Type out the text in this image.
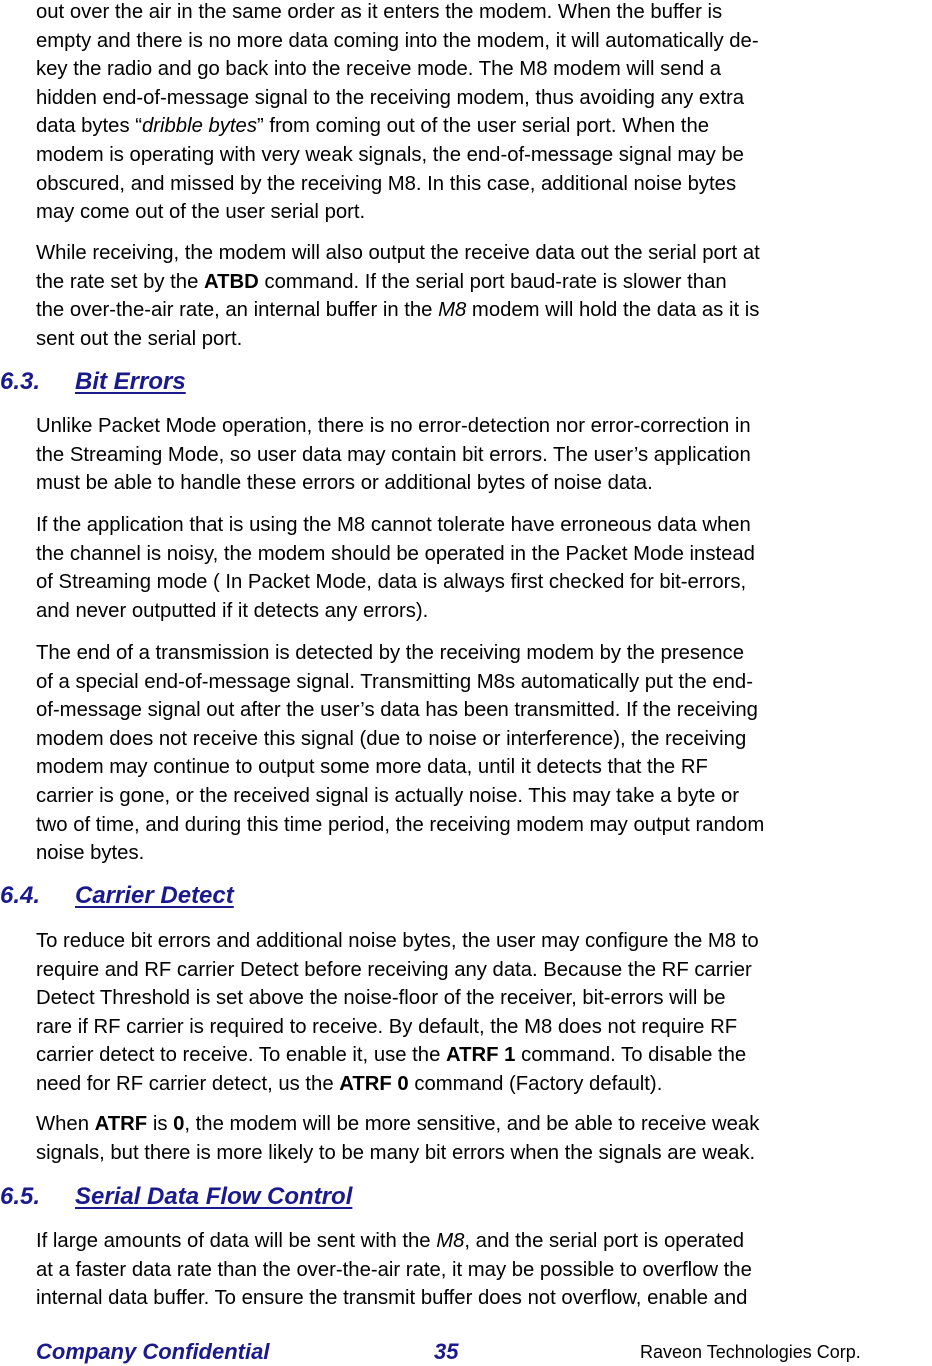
out over the air in the same order as it enters the modem. When the buffer is
empty and there is no more data coming into the modem, it will automatically de-
key the radio and go back into the receive mode. The M8 modem will send a
hidden end-of-message signal to the receiving modem, thus avoiding any extra
data bytes “dribble bytes” from coming out of the user serial port. When the
modem is operating with very weak signals, the end-of-message signal may be
obscured, and missed by the receiving M8. In this case, additional noise bytes
may come out of the user serial port.

While receiving, the modem will also output the receive data out the serial port at
the rate set by the ATBD command. If the serial port baud-rate is slower than
the over-the-air rate, an internal buffer in the M8 modem will hold the data as it is
sent out the serial port.

6.3. Bit Errors

Unlike Packet Mode operation, there is no error-detection nor error-correction in
the Streaming Mode, so user data may contain bit errors. The user’s application
must be able to handle these errors or additional bytes of noise data.

If the application that is using the M8 cannot tolerate have erroneous data when
the channel is noisy, the modem should be operated in the Packet Mode instead
of Streaming mode ( In Packet Mode, data is always first checked for bit-errors,
and never outputted if it detects any errors).

The end of a transmission is detected by the receiving modem by the presence
of a special end-of-message signal. Transmitting M8s automatically put the end-
of-message signal out after the user’s data has been transmitted. If the receiving
modem does not receive this signal (due to noise or interference), the receiving
modem may continue to output some more data, until it detects that the RF
carrier is gone, or the received signal is actually noise. This may take a byte or
two of time, and during this time period, the receiving modem may output random
noise bytes.

6.4. Carrier Detect

To reduce bit errors and additional noise bytes, the user may configure the M8 to
require and RF carrier Detect before receiving any data. Because the RF carrier
Detect Threshold is set above the noise-floor of the receiver, bit-errors will be
rare if RF carrier is required to receive. By default, the M8 does not require RF
carrier detect to receive. To enable it, use the ATRF 1 command. To disable the
need for RF carrier detect, us the ATRF 0 command (Factory default).

When ATRF is 0, the modem will be more sensitive, and be able to receive weak
signals, but there is more likely to be many bit errors when the signals are weak.

6.5. Serial Data Flow Control

If large amounts of data will be sent with the M8, and the serial port is operated
at a faster data rate than the over-the-air rate, it may be possible to overflow the
internal data buffer. To ensure the transmit buffer does not overflow, enable and

Company Confidential	35	Raveon Technologies Corp.
